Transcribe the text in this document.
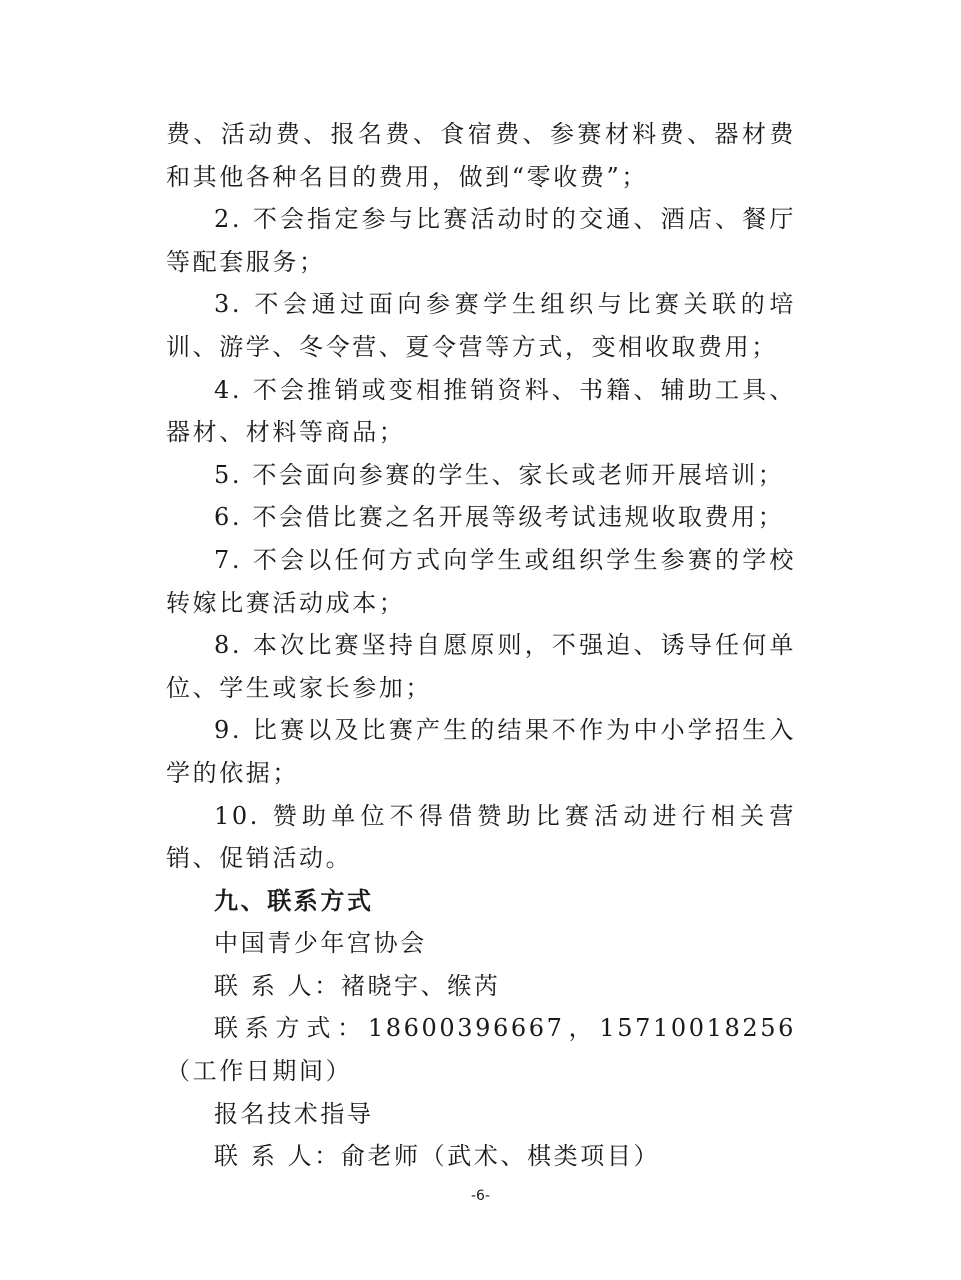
费、活动费、报名费、食宿费、参赛材料费、器材费和其他各种名目的费用，做到“零收费”；

2. 不会指定参与比赛活动时的交通、酒店、餐厅等配套服务；

3. 不会通过面向参赛学生组织与比赛关联的培训、游学、冬令营、夏令营等方式，变相收取费用；

4. 不会推销或变相推销资料、书籍、辅助工具、器材、材料等商品；

5. 不会面向参赛的学生、家长或老师开展培训；

6. 不会借比赛之名开展等级考试违规收取费用；

7. 不会以任何方式向学生或组织学生参赛的学校转嫁比赛活动成本；

8. 本次比赛坚持自愿原则，不强迫、诱导任何单位、学生或家长参加；

9. 比赛以及比赛产生的结果不作为中小学招生入学的依据；

10. 赞助单位不得借赞助比赛活动进行相关营销、促销活动。

九、联系方式

中国青少年宫协会

联 系 人：褚晓宇、缑芮

联系方式：18600396667，15710018256（工作日期间）

报名技术指导

联 系 人：俞老师（武术、棋类项目）

-6-
